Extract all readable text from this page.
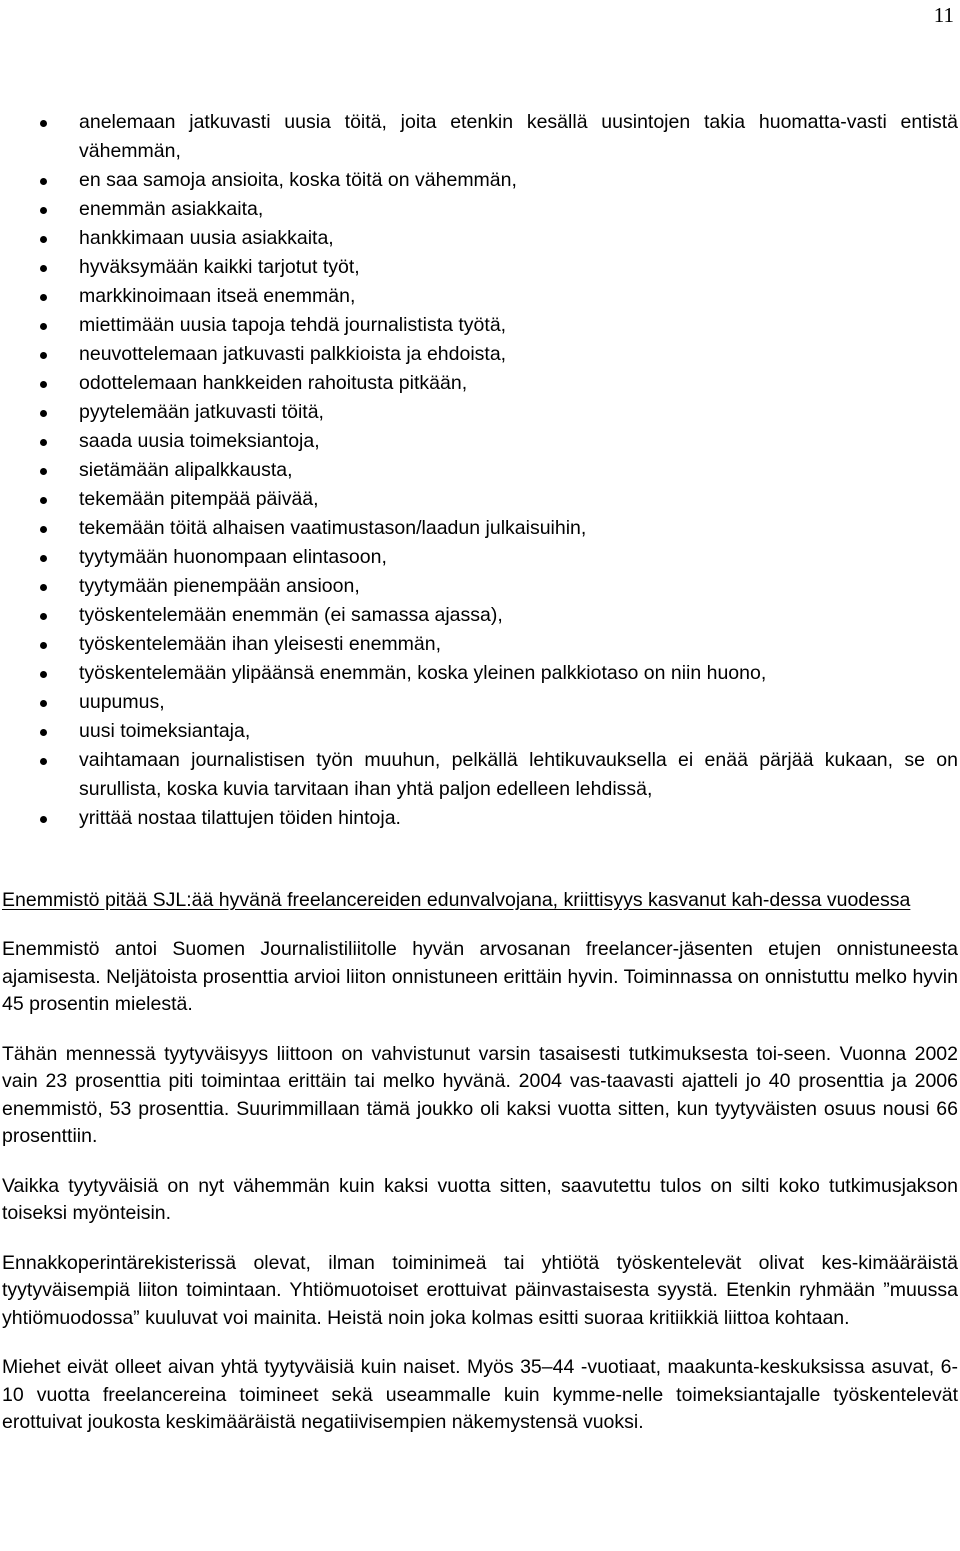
11
anelemaan jatkuvasti uusia töitä, joita etenkin kesällä uusintojen takia huomatta-vasti entistä vähemmän,
en saa samoja ansioita, koska töitä on vähemmän,
enemmän asiakkaita,
hankkimaan uusia asiakkaita,
hyväksymään kaikki tarjotut työt,
markkinoimaan itseä enemmän,
miettimään uusia tapoja tehdä journalistista työtä,
neuvottelemaan jatkuvasti palkkioista ja ehdoista,
odottelemaan hankkeiden rahoitusta pitkään,
pyytelemään jatkuvasti töitä,
saada uusia toimeksiantoja,
sietämään alipalkkausta,
tekemään pitempää päivää,
tekemään töitä alhaisen vaatimustason/laadun julkaisuihin,
tyytymään huonompaan elintasoon,
tyytymään pienempään ansioon,
työskentelemään enemmän (ei samassa ajassa),
työskentelemään ihan yleisesti enemmän,
työskentelemään ylipäänsä enemmän, koska yleinen palkkiotaso on niin huono,
uupumus,
uusi toimeksiantaja,
vaihtamaan journalistisen työn muuhun, pelkällä lehtikuvauksella ei enää pärjää kukaan, se on surullista, koska kuvia tarvitaan ihan yhtä paljon edelleen lehdissä,
yrittää nostaa tilattujen töiden hintoja.
Enemmistö pitää SJL:ää hyvänä freelancereiden edunvalvojana, kriittisyys kasvanut kah-dessa vuodessa

Enemmistö antoi Suomen Journalistiliitolle hyvän arvosanan freelancer-jäsenten etujen onnistuneesta ajamisesta. Neljätoista prosenttia arvioi liiton onnistuneen erittäin hyvin. Toiminnassa on onnistuttu melko hyvin 45 prosentin mielestä.

Tähän mennessä tyytyväisyys liittoon on vahvistunut varsin tasaisesti tutkimuksesta toi-seen. Vuonna 2002 vain 23 prosenttia piti toimintaa erittäin tai melko hyvänä. 2004 vas-taavasti ajatteli jo 40 prosenttia ja 2006 enemmistö, 53 prosenttia. Suurimmillaan tämä joukko oli kaksi vuotta sitten, kun tyytyväisten osuus nousi 66 prosenttiin.

Vaikka tyytyväisiä on nyt vähemmän kuin kaksi vuotta sitten, saavutettu tulos on silti koko tutkimusjakson toiseksi myönteisin.

Ennakkoperintärekisterissä olevat, ilman toiminimeä tai yhtiötä työskentelevät olivat kes-kimääräistä tyytyväisempiä liiton toimintaan. Yhtiömuotoiset erottuivat päinvastaisesta syystä. Etenkin ryhmään ”muussa yhtiömuodossa” kuuluvat voi mainita. Heistä noin joka kolmas esitti suoraa kritiikkiä liittoa kohtaan.

Miehet eivät olleet aivan yhtä tyytyväisiä kuin naiset. Myös 35–44 -vuotiaat, maakunta-keskuksissa asuvat, 6-10 vuotta freelancereina toimineet sekä useammalle kuin kymme-nelle toimeksiantajalle työskentelevät erottuivat joukosta keskimääräistä negatiivisempien näkemystensä vuoksi.
